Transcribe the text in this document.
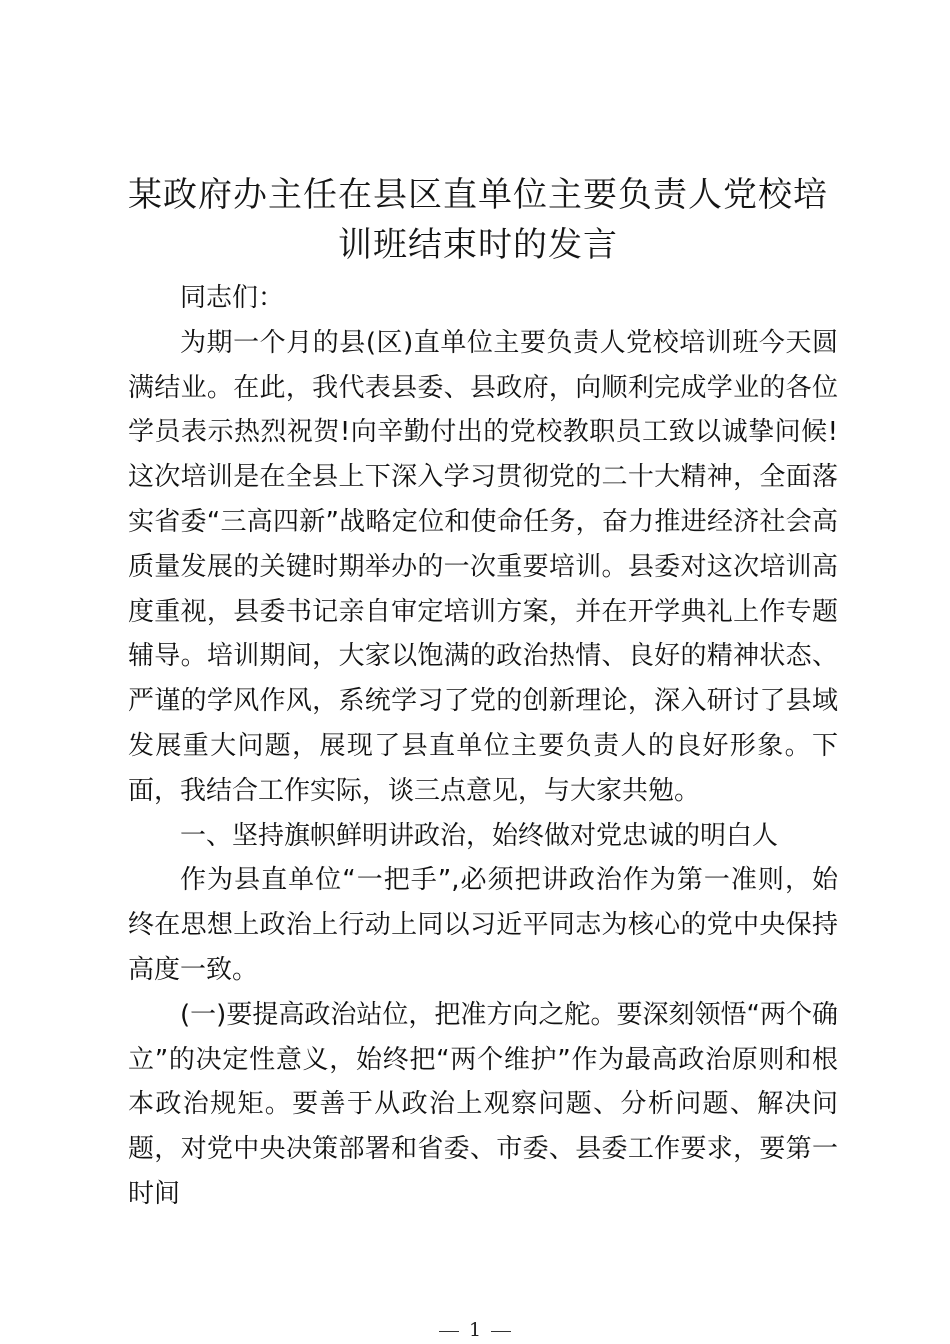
某政府办主任在县区直单位主要负责人党校培训班结束时的发言

同志们：

为期一个月的县(区)直单位主要负责人党校培训班今天圆满结业。在此，我代表县委、县政府，向顺利完成学业的各位学员表示热烈祝贺!向辛勤付出的党校教职员工致以诚挚问候!这次培训是在全县上下深入学习贯彻党的二十大精神，全面落实省委“三高四新”战略定位和使命任务，奋力推进经济社会高质量发展的关键时期举办的一次重要培训。县委对这次培训高度重视，县委书记亲自审定培训方案，并在开学典礼上作专题辅导。培训期间，大家以饱满的政治热情、良好的精神状态、严谨的学风作风，系统学习了党的创新理论，深入研讨了县域发展重大问题，展现了县直单位主要负责人的良好形象。下面，我结合工作实际，谈三点意见，与大家共勉。

一、坚持旗帜鲜明讲政治，始终做对党忠诚的明白人

作为县直单位“一把手”,必须把讲政治作为第一准则，始终在思想上政治上行动上同以习近平同志为核心的党中央保持高度一致。

(一)要提高政治站位，把准方向之舵。要深刻领悟“两个确立”的决定性意义，始终把“两个维护”作为最高政治原则和根本政治规矩。要善于从政治上观察问题、分析问题、解决问题，对党中央决策部署和省委、市委、县委工作要求，要第一时间

1
